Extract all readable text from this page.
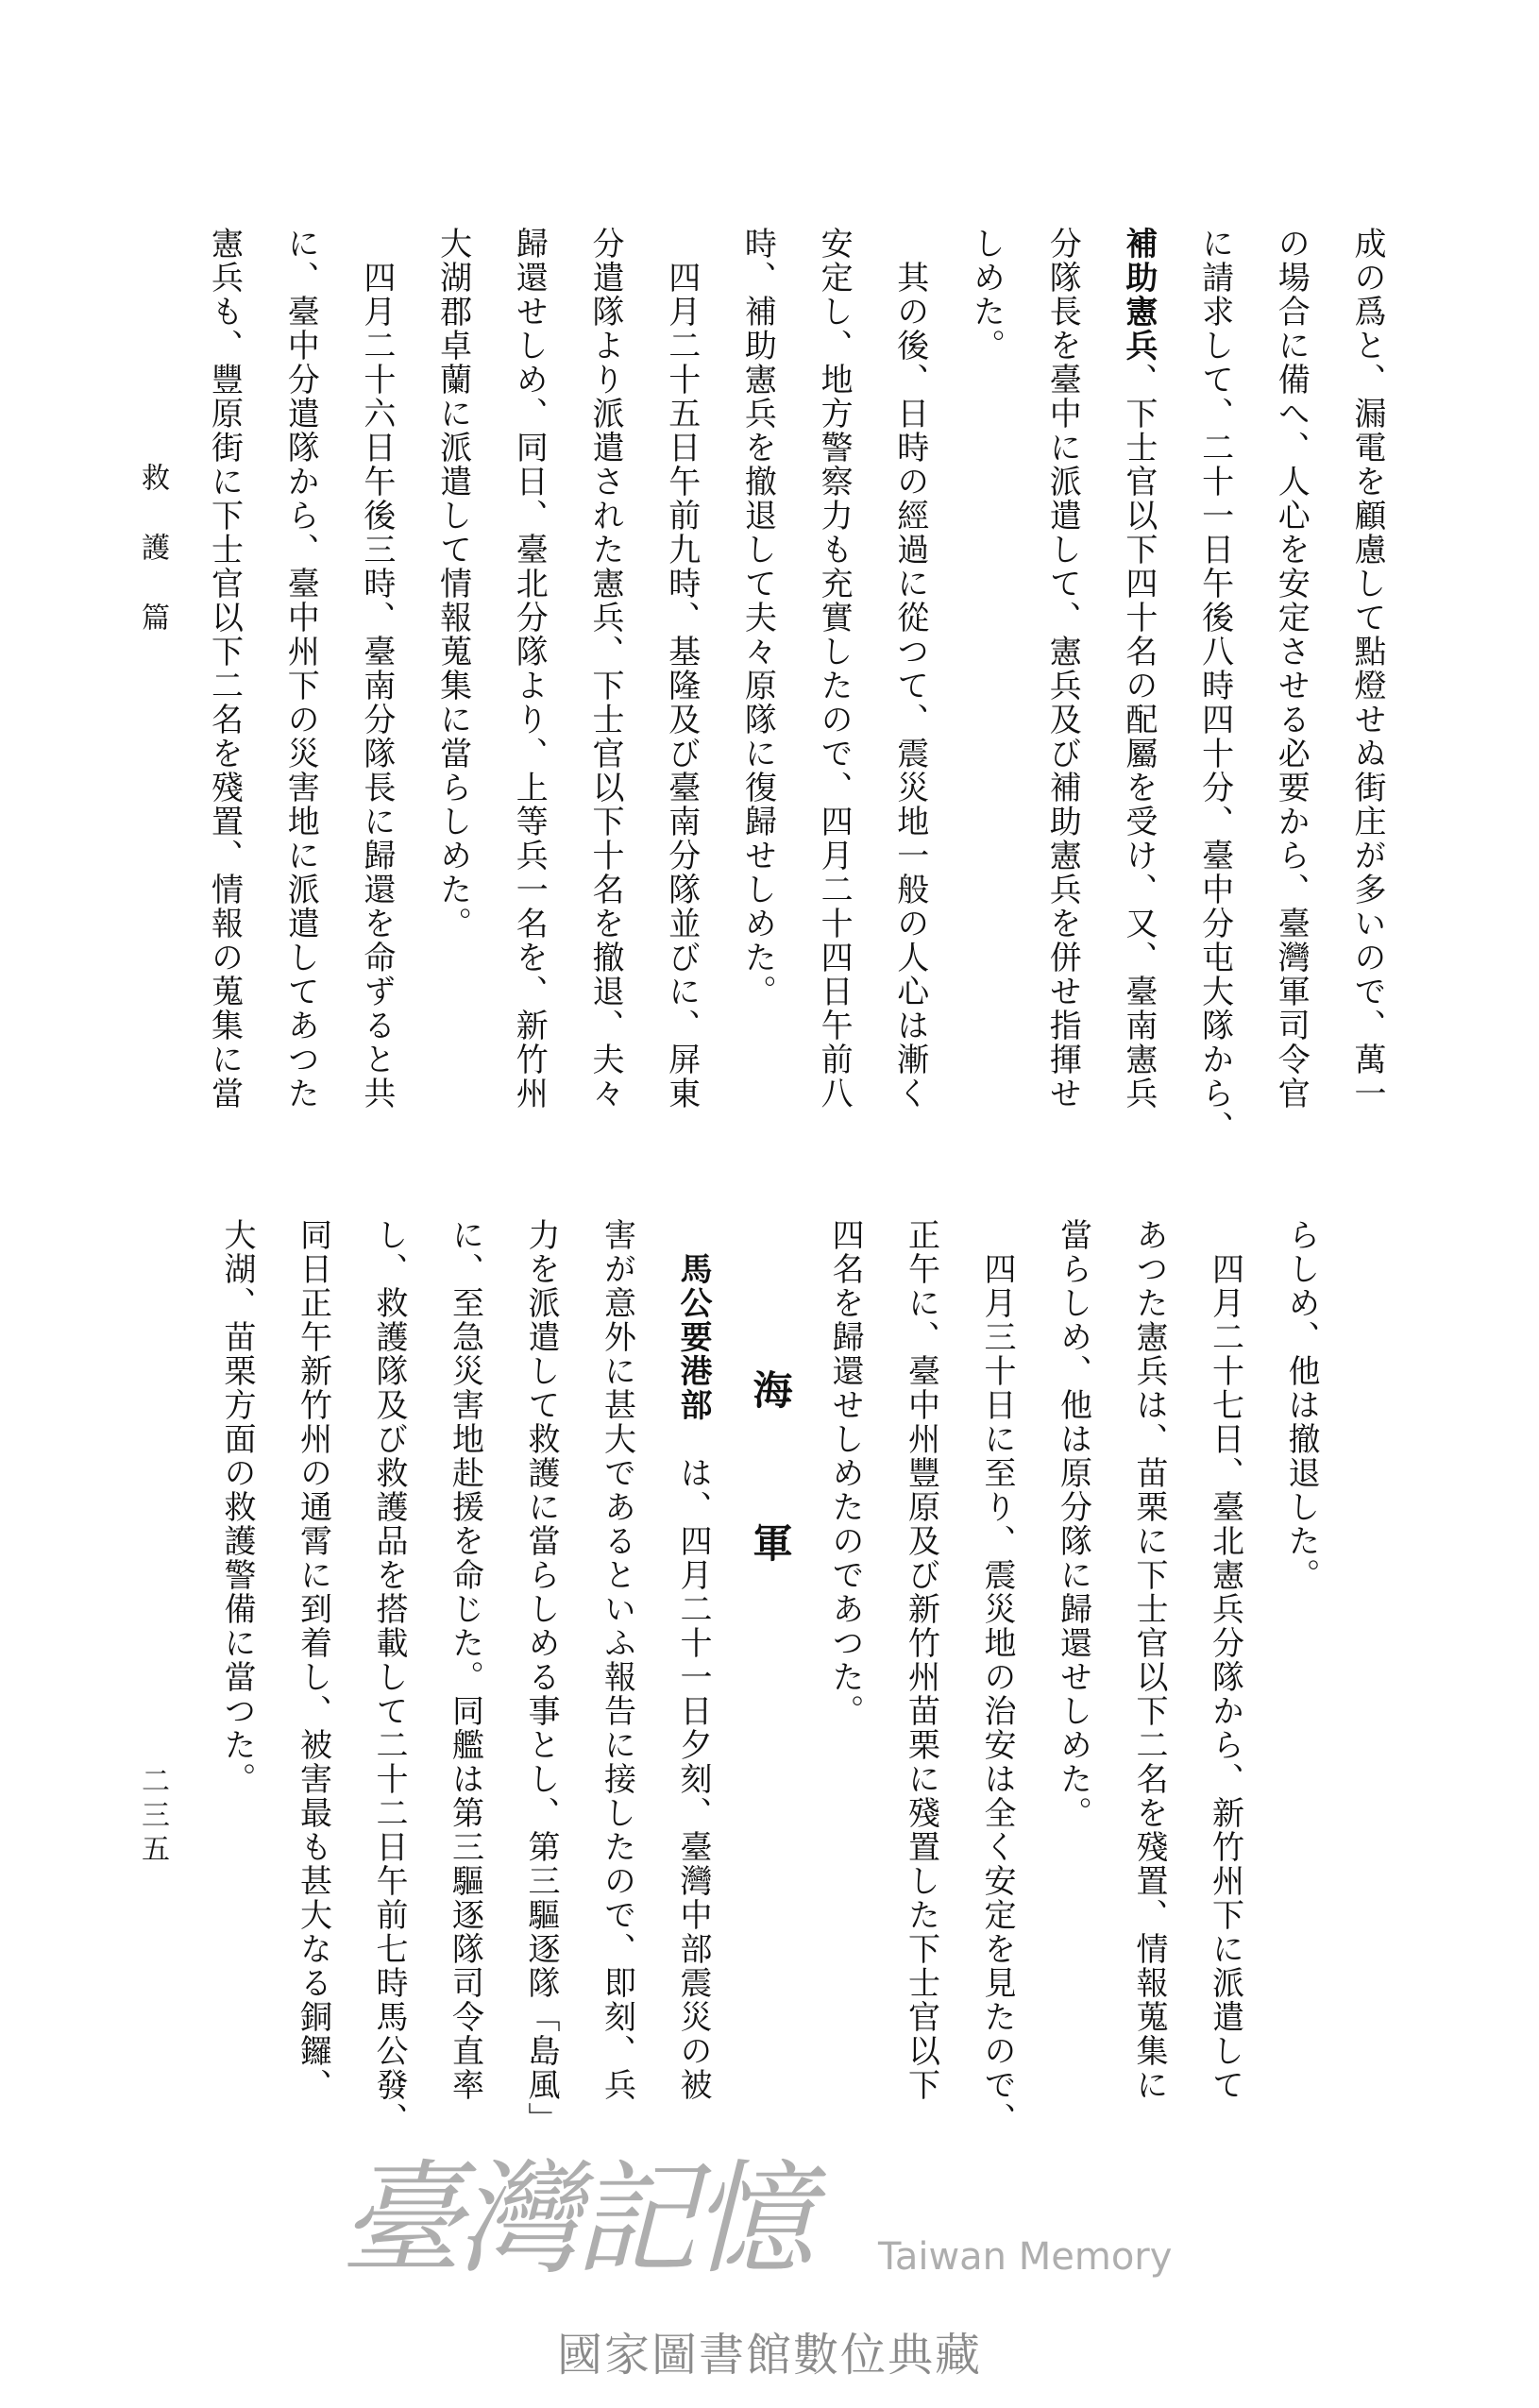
成の爲と、漏電を顧慮して點燈せぬ街庄が多いので、萬一
の場合に備へ、人心を安定させる必要から、臺灣軍司令官
に請求して、二十一日午後八時四十分、臺中分屯大隊から、
補助憲兵、下士官以下四十名の配屬を受け、又、臺南憲兵
分隊長を臺中に派遣して、憲兵及び補助憲兵を併せ指揮せ
しめた。
其の後、日時の經過に從つて、震災地一般の人心は漸く
安定し、地方警察力も充實したので、四月二十四日午前八
時、補助憲兵を撤退して夫々原隊に復歸せしめた。
四月二十五日午前九時、基隆及び臺南分隊並びに、屏東
分遣隊より派遣された憲兵、下士官以下十名を撤退、夫々
歸還せしめ、同日、臺北分隊より、上等兵一名を、新竹州
大湖郡卓蘭に派遣して情報蒐集に當らしめた。
四月二十六日午後三時、臺南分隊長に歸還を命ずると共
に、臺中分遣隊から、臺中州下の災害地に派遣してあつた
憲兵も、豐原街に下士官以下二名を殘置、情報の蒐集に當
らしめ、他は撤退した。
四月二十七日、臺北憲兵分隊から、新竹州下に派遣して
あつた憲兵は、苗栗に下士官以下二名を殘置、情報蒐集に
當らしめ、他は原分隊に歸還せしめた。
四月三十日に至り、震災地の治安は全く安定を見たので、
正午に、臺中州豐原及び新竹州苗栗に殘置した下士官以下
四名を歸還せしめたのであつた。
海軍
馬公要港部　は、四月二十一日夕刻、臺灣中部震災の被
害が意外に甚大であるといふ報告に接したので、即刻、兵
力を派遣して救護に當らしめる事とし、第三驅逐隊「島風」
に、至急災害地赴援を命じた。同艦は第三驅逐隊司令直率
し、救護隊及び救護品を搭載して二十二日午前七時馬公發、
同日正午新竹州の通霄に到着し、被害最も甚大なる銅鑼、
大湖、苗栗方面の救護警備に當つた。
救護篇
二三五
臺灣記憶 Taiwan Memory
國家圖書館數位典藏
